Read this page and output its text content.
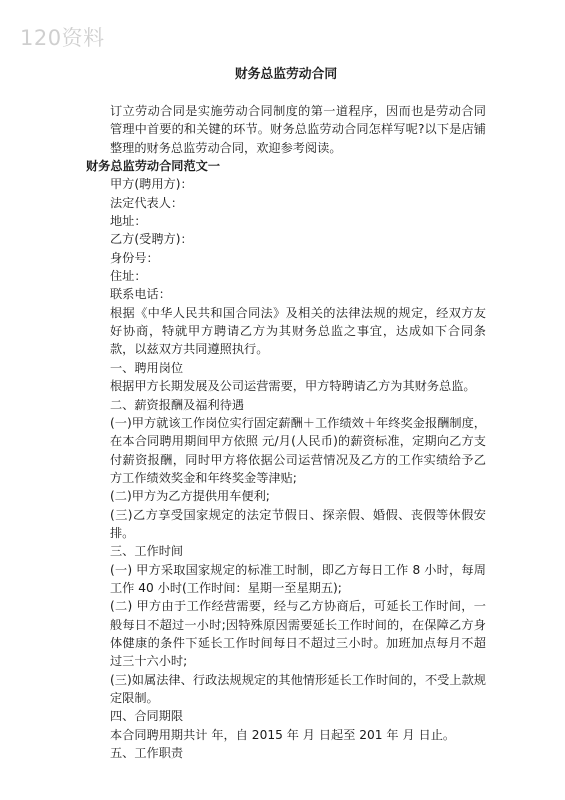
120资料
财务总监劳动合同

订立劳动合同是实施劳动合同制度的第一道程序，因而也是劳动合同管理中首要的和关键的环节。财务总监劳动合同怎样写呢?以下是店铺整理的财务总监劳动合同，欢迎参考阅读。

财务总监劳动合同范文一

甲方(聘用方)：

法定代表人：

地址：

乙方(受聘方)：

身份号：

住址：

联系电话：

根据《中华人民共和国合同法》及相关的法律法规的规定，经双方友好协商，特就甲方聘请乙方为其财务总监之事宜，达成如下合同条款，以兹双方共同遵照执行。

一、聘用岗位

根据甲方长期发展及公司运营需要，甲方特聘请乙方为其财务总监。

二、薪资报酬及福利待遇

(一)甲方就该工作岗位实行固定薪酬＋工作绩效＋年终奖金报酬制度，在本合同聘用期间甲方依照 元/月(人民币)的薪资标准，定期向乙方支付薪资报酬，同时甲方将依据公司运营情况及乙方的工作实绩给予乙方工作绩效奖金和年终奖金等津贴;

(二)甲方为乙方提供用车便利;

(三)乙方享受国家规定的法定节假日、探亲假、婚假、丧假等休假安排。

三、工作时间

(一) 甲方采取国家规定的标准工时制，即乙方每日工作 8 小时，每周工作 40 小时(工作时间：星期一至星期五);

(二) 甲方由于工作经营需要，经与乙方协商后，可延长工作时间，一般每日不超过一小时;因特殊原因需要延长工作时间的，在保障乙方身体健康的条件下延长工作时间每日不超过三小时。加班加点每月不超过三十六小时;

(三)如属法律、行政法规规定的其他情形延长工作时间的，不受上款规定限制。

四、合同期限

本合同聘用期共计 年，自 2015 年 月 日起至 201 年 月 日止。

五、工作职责
